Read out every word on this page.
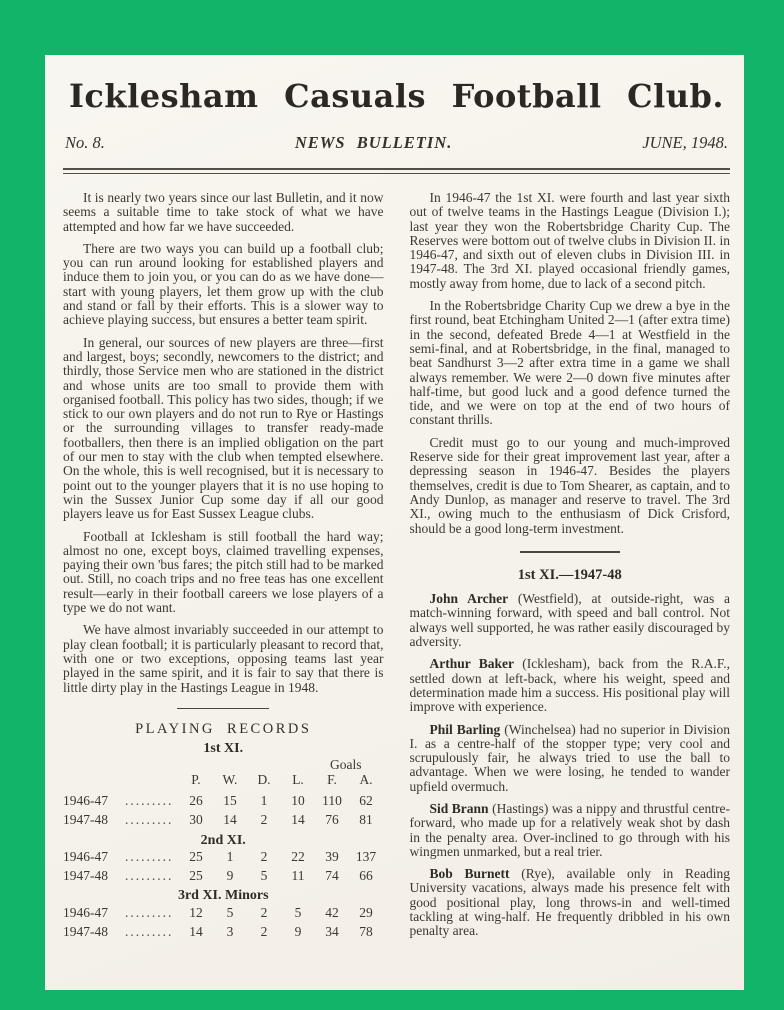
Icklesham Casuals Football Club.
No. 8.	NEWS BULLETIN.	JUNE, 1948.

It is nearly two years since our last Bulletin, and it now seems a suitable time to take stock of what we have attempted and how far we have succeeded.

There are two ways you can build up a football club; you can run around looking for established players and induce them to join you, or you can do as we have done—start with young players, let them grow up with the club and stand or fall by their efforts. This is a slower way to achieve playing success, but ensures a better team spirit.

In general, our sources of new players are three—first and largest, boys; secondly, newcomers to the district; and thirdly, those Service men who are stationed in the district and whose units are too small to provide them with organised football. This policy has two sides, though; if we stick to our own players and do not run to Rye or Hastings or the surrounding villages to transfer ready-made footballers, then there is an implied obligation on the part of our men to stay with the club when tempted elsewhere. On the whole, this is well recognised, but it is necessary to point out to the younger players that it is no use hoping to win the Sussex Junior Cup some day if all our good players leave us for East Sussex League clubs.

Football at Icklesham is still football the hard way; almost no one, except boys, claimed travelling expenses, paying their own 'bus fares; the pitch still had to be marked out. Still, no coach trips and no free teas has one excellent result—early in their football careers we lose players of a type we do not want.

We have almost invariably succeeded in our attempt to play clean football; it is particularly pleasant to record that, with one or two exceptions, opposing teams last year played in the same spirit, and it is fair to say that there is little dirty play in the Hastings League in 1948.

PLAYING RECORDS
1st XI.
Goals
P.	W.	D.	L.	F.	A.
1946-47	.........	26	15	1	10	110	62
1947-48	.........	30	14	2	14	76	81
2nd XI.
1946-47	.........	25	1	2	22	39	137
1947-48	.........	25	9	5	11	74	66
3rd XI. Minors
1946-47	.........	12	5	2	5	42	29
1947-48	.........	14	3	2	9	34	78

In 1946-47 the 1st XI. were fourth and last year sixth out of twelve teams in the Hastings League (Division I.); last year they won the Robertsbridge Charity Cup. The Reserves were bottom out of twelve clubs in Division II. in 1946-47, and sixth out of eleven clubs in Division III. in 1947-48. The 3rd XI. played occasional friendly games, mostly away from home, due to lack of a second pitch.

In the Robertsbridge Charity Cup we drew a bye in the first round, beat Etchingham United 2—1 (after extra time) in the second, defeated Brede 4—1 at Westfield in the semi-final, and at Robertsbridge, in the final, managed to beat Sandhurst 3—2 after extra time in a game we shall always remember. We were 2—0 down five minutes after half-time, but good luck and a good defence turned the tide, and we were on top at the end of two hours of constant thrills.

Credit must go to our young and much-improved Reserve side for their great improvement last year, after a depressing season in 1946-47. Besides the players themselves, credit is due to Tom Shearer, as captain, and to Andy Dunlop, as manager and reserve to travel. The 3rd XI., owing much to the enthusiasm of Dick Crisford, should be a good long-term investment.

1st XI.—1947-48

John Archer (Westfield), at outside-right, was a match-winning forward, with speed and ball control. Not always well supported, he was rather easily discouraged by adversity.

Arthur Baker (Icklesham), back from the R.A.F., settled down at left-back, where his weight, speed and determination made him a success. His positional play will improve with experience.

Phil Barling (Winchelsea) had no superior in Division I. as a centre-half of the stopper type; very cool and scrupulously fair, he always tried to use the ball to advantage. When we were losing, he tended to wander upfield overmuch.

Sid Brann (Hastings) was a nippy and thrustful centre-forward, who made up for a relatively weak shot by dash in the penalty area. Over-inclined to go through with his wingmen unmarked, but a real trier.

Bob Burnett (Rye), available only in Reading University vacations, always made his presence felt with good positional play, long throws-in and well-timed tackling at wing-half. He frequently dribbled in his own penalty area.
